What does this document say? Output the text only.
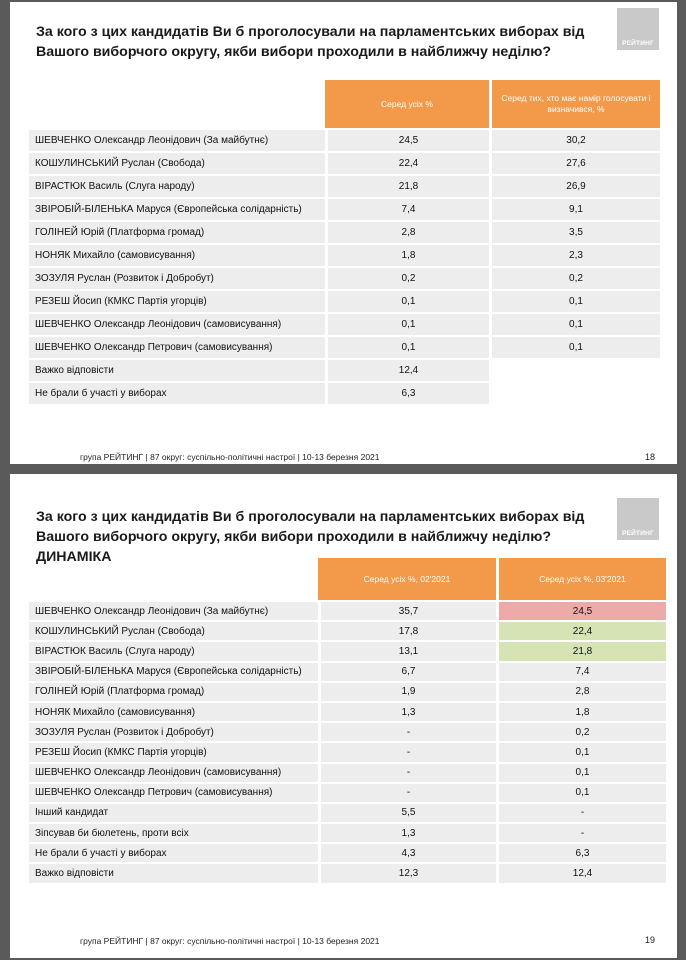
За кого з цих кандидатів Ви б проголосували на парламентських виборах від Вашого виборчого округу, якби вибори проходили в найближчу неділю?
РЕЙТИНГ
	Серед усіх %	Серед тих, хто має намір голосувати і визначився, %
ШЕВЧЕНКО Олександр Леонідович (За майбутнє)	24,5	30,2
КОШУЛИНСЬКИЙ Руслан (Свобода)	22,4	27,6
ВІРАСТЮК Василь (Слуга народу)	21,8	26,9
ЗВІРОБІЙ-БІЛЕНЬКА Маруся (Європейська солідарність)	7,4	9,1
ГОЛІНЕЙ Юрій (Платформа громад)	2,8	3,5
НОНЯК Михайло (самовисування)	1,8	2,3
ЗОЗУЛЯ Руслан (Розвиток і Добробут)	0,2	0,2
РЕЗЕШ Йосип (КМКС Партія угорців)	0,1	0,1
ШЕВЧЕНКО Олександр Леонідович (самовисування)	0,1	0,1
ШЕВЧЕНКО Олександр Петрович (самовисування)	0,1	0,1
Важко відповісти	12,4	
Не брали б участі у виборах	6,3	
група РЕЙТИНГ | 87 округ: суспільно-політичні настрої | 10-13 березня 2021	18
За кого з цих кандидатів Ви б проголосували на парламентських виборах від Вашого виборчого округу, якби вибори проходили в найближчу неділю? ДИНАМІКА
РЕЙТИНГ
	Серед усіх %, 02'2021	Серед усіх %, 03'2021
ШЕВЧЕНКО Олександр Леонідович (За майбутнє)	35,7	24,5
КОШУЛИНСЬКИЙ Руслан (Свобода)	17,8	22,4
ВІРАСТЮК Василь (Слуга народу)	13,1	21,8
ЗВІРОБІЙ-БІЛЕНЬКА Маруся (Європейська солідарність)	6,7	7,4
ГОЛІНЕЙ Юрій (Платформа громад)	1,9	2,8
НОНЯК Михайло (самовисування)	1,3	1,8
ЗОЗУЛЯ Руслан (Розвиток і Добробут)	-	0,2
РЕЗЕШ Йосип (КМКС Партія угорців)	-	0,1
ШЕВЧЕНКО Олександр Леонідович (самовисування)	-	0,1
ШЕВЧЕНКО Олександр Петрович (самовисування)	-	0,1
Інший кандидат	5,5	-
Зіпсував би бюлетень, проти всіх	1,3	-
Не брали б участі у виборах	4,3	6,3
Важко відповісти	12,3	12,4
група РЕЙТИНГ | 87 округ: суспільно-політичні настрої | 10-13 березня 2021	19
